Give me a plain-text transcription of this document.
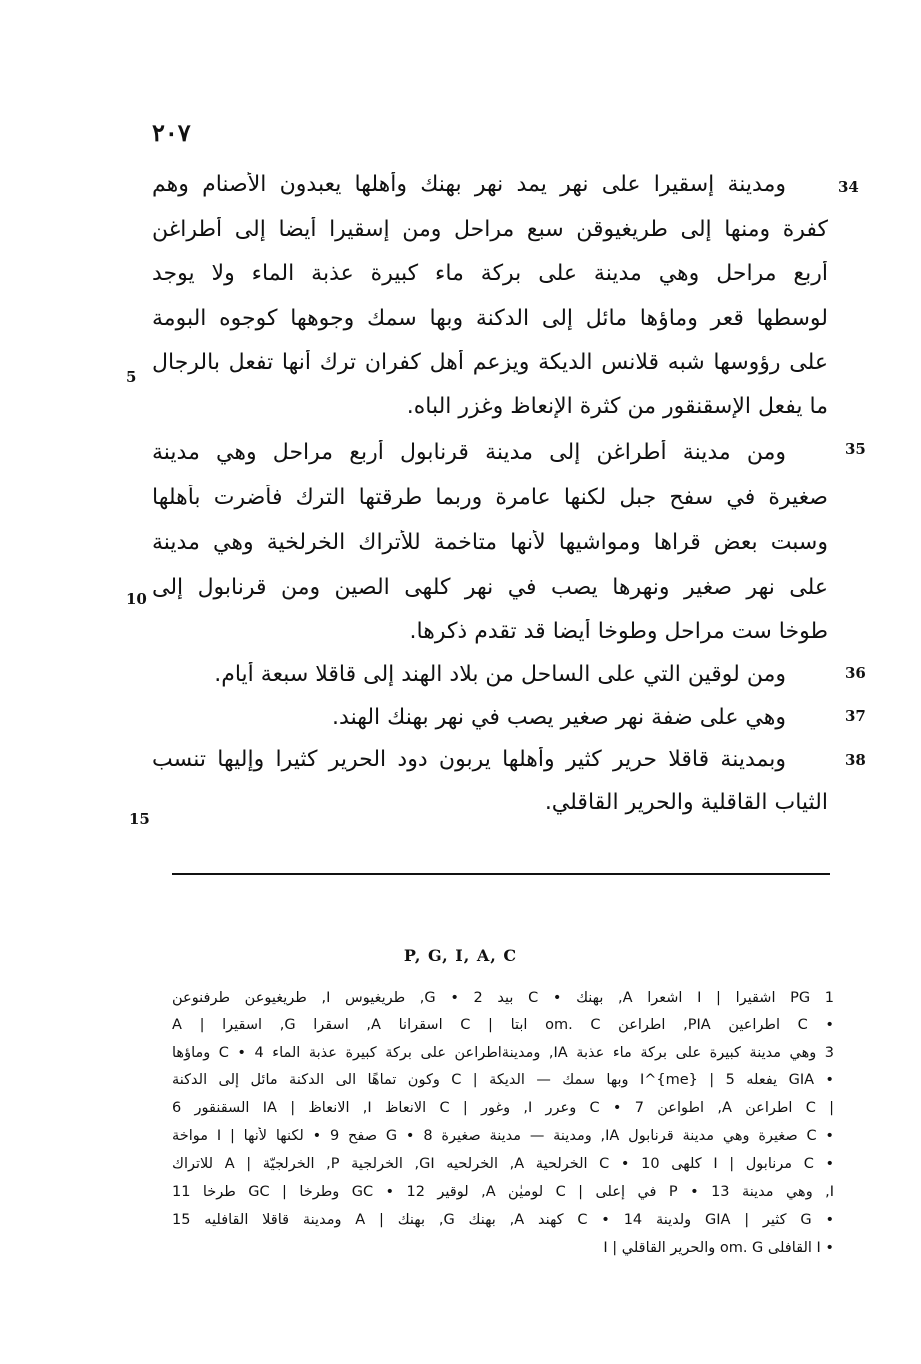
٢٠٧
34
ومدينة إسقيرا على نهر يمد نهر بهنك وأهلها يعبدون الأصنام وهم
كفرة ومنها إلى طريغيوقن سبع مراحل ومن إسقيرا أيضا إلى أطراغن
أربع مراحل وهي مدينة على بركة ماء كبيرة عذبة الماء ولا يوجد
لوسطها قعر وماؤها مائل إلى الدكنة وبها سمك وجوهها كوجوه البومة
على رؤوسها شبه قلانس الديكة ويزعم أهل كفران ترك أنها تفعل بالرجال
ما يفعل الإسقنقور من كثرة الإنعاظ وغزر الباه.
35
ومن مدينة أطراغن إلى مدينة قرنابول أربع مراحل وهي مدينة
صغيرة في سفح جبل لكنها عامرة وربما طرقتها الترك فأضرت بأهلها
وسبت بعض قراها ومواشيها لأنها متاخمة للأتراك الخرلخية وهي مدينة
على نهر صغير ونهرها يصب في نهر كلهى الصين ومن قرنابول إلى
طوخا ست مراحل وطوخا أيضا قد تقدم ذكرها.
36
ومن لوقين التي على الساحل من بلاد الهند إلى قاقلا سبعة أيام.
37
وهي على ضفة نهر صغير يصب في نهر بهنك الهند.
38
وبمدينة قاقلا حرير كثير وأهلها يربون دود الحرير كثيرا وإليها تنسب
الثياب القاقلية والحرير القاقلي.
5
10
15
P, G, I, A, C
1 PG اشقيرا | I اشعرا A, بهنك • C بيد 2 • G, طريغيوس I, طريغيوعن طرفنوعن
• C اطراعين PIA, اطراعن om. C ابتا | C اسقرانا A, اسقرا G, اسقيرا | A
3 وهي مدينة كبيرة على بركة ماء عذبة IA, ومدينةاطراعن على بركة كبيرة عذبة الماء C • 4 وماؤها
• GIA يفعله 5 | I^{me} وبها سمك — الديكة | C وكون تماهًا الى الدكنة مائل إلى الدكنة
| C اطراعن A, اطواعن 7 • C وعرر I, وغور | C الانعاظ I, الانعاظ | IA السقنقور 6
• C صغيرة وهي مدينة قرنابول IA, ومدينة — مدينة صغيرة 8 • G صفح 9 • لكنها لأنها | I مواخة
• C مرنابول | I كلهى 10 • C الخرلحية A, الخرلحيه GI, الخرلجية P, الخرلجيّة | A للاتراك
I, وهي مدينة 13 • P في إعلى | C لوميٰن A, لوقير 12 • GC وطرخا | GC طرخا 11
• G كثير | GIA ولدينة 14 • C كهند A, بهنك G, بهنك | A ومدينة قاقلا القافليه 15
• I القافلى om. G والحرير القاقلي | I
